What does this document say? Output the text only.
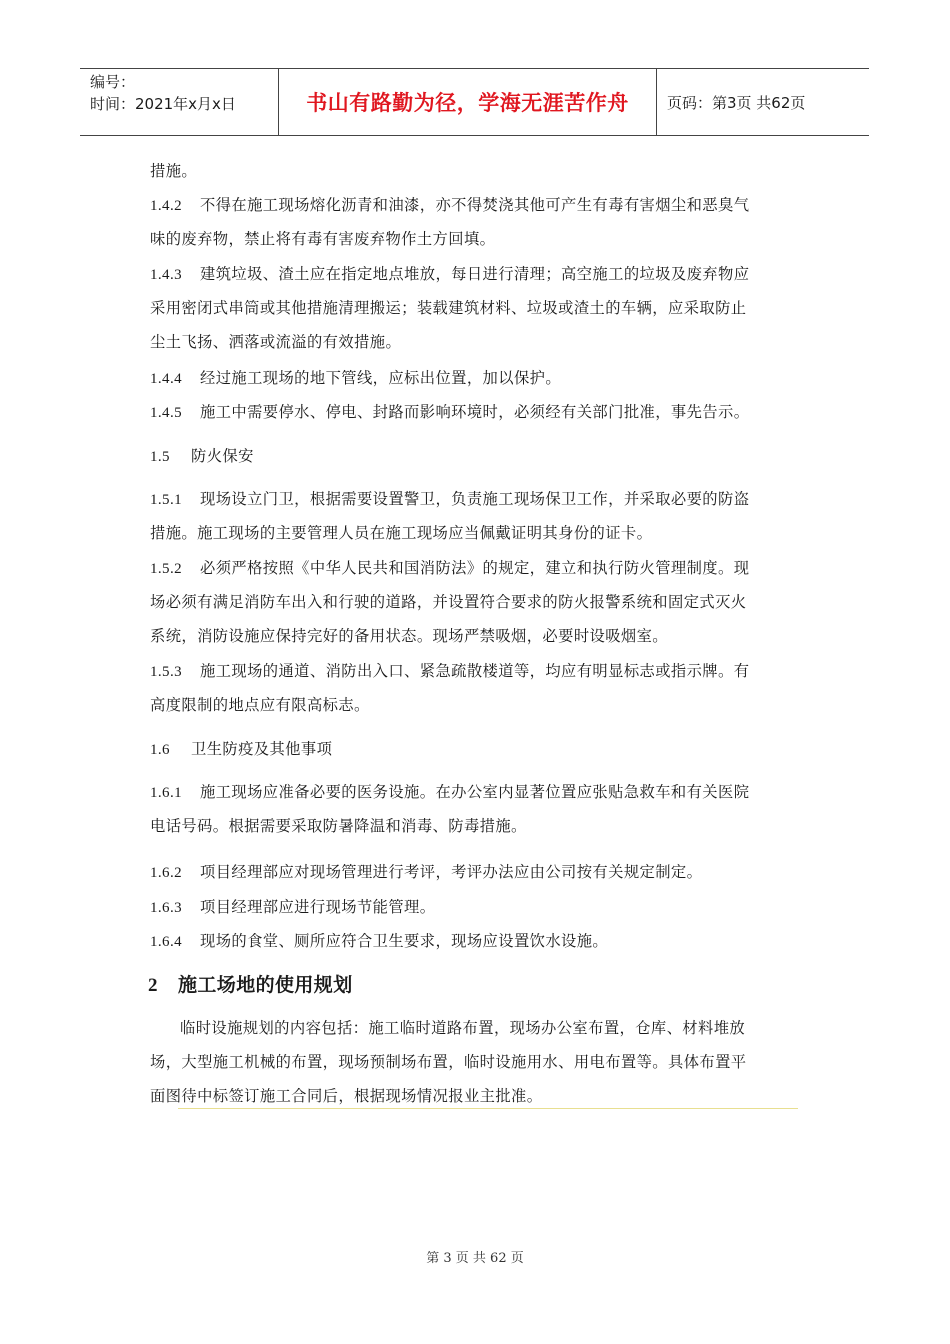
编号：
时间：2021年x月x日	书山有路勤为径，学海无涯苦作舟	页码：第3页 共62页
措施。
1.4.2 不得在施工现场熔化沥青和油漆，亦不得焚浇其他可产生有毒有害烟尘和恶臭气
味的废弃物，禁止将有毒有害废弃物作土方回填。
1.4.3 建筑垃圾、渣土应在指定地点堆放，每日进行清理；高空施工的垃圾及废弃物应
采用密闭式串筒或其他措施清理搬运；装载建筑材料、垃圾或渣土的车辆，应采取防止
尘土飞扬、洒落或流溢的有效措施。
1.4.4 经过施工现场的地下管线，应标出位置，加以保护。
1.4.5 施工中需要停水、停电、封路而影响环境时，必须经有关部门批准，事先告示。
1.5 防火保安
1.5.1 现场设立门卫，根据需要设置警卫，负责施工现场保卫工作，并采取必要的防盗
措施。施工现场的主要管理人员在施工现场应当佩戴证明其身份的证卡。
1.5.2 必须严格按照《中华人民共和国消防法》的规定，建立和执行防火管理制度。现
场必须有满足消防车出入和行驶的道路，并设置符合要求的防火报警系统和固定式灭火
系统，消防设施应保持完好的备用状态。现场严禁吸烟，必要时设吸烟室。
1.5.3 施工现场的通道、消防出入口、紧急疏散楼道等，均应有明显标志或指示牌。有
高度限制的地点应有限高标志。
1.6 卫生防疫及其他事项
1.6.1 施工现场应准备必要的医务设施。在办公室内显著位置应张贴急救车和有关医院
电话号码。根据需要采取防暑降温和消毒、防毒措施。
1.6.2 项目经理部应对现场管理进行考评，考评办法应由公司按有关规定制定。
1.6.3 项目经理部应进行现场节能管理。
1.6.4 现场的食堂、厕所应符合卫生要求，现场应设置饮水设施。
2 施工场地的使用规划
临时设施规划的内容包括：施工临时道路布置，现场办公室布置，仓库、材料堆放
场，大型施工机械的布置，现场预制场布置，临时设施用水、用电布置等。具体布置平
面图待中标签订施工合同后，根据现场情况报业主批准。
第 3 页 共 62 页
